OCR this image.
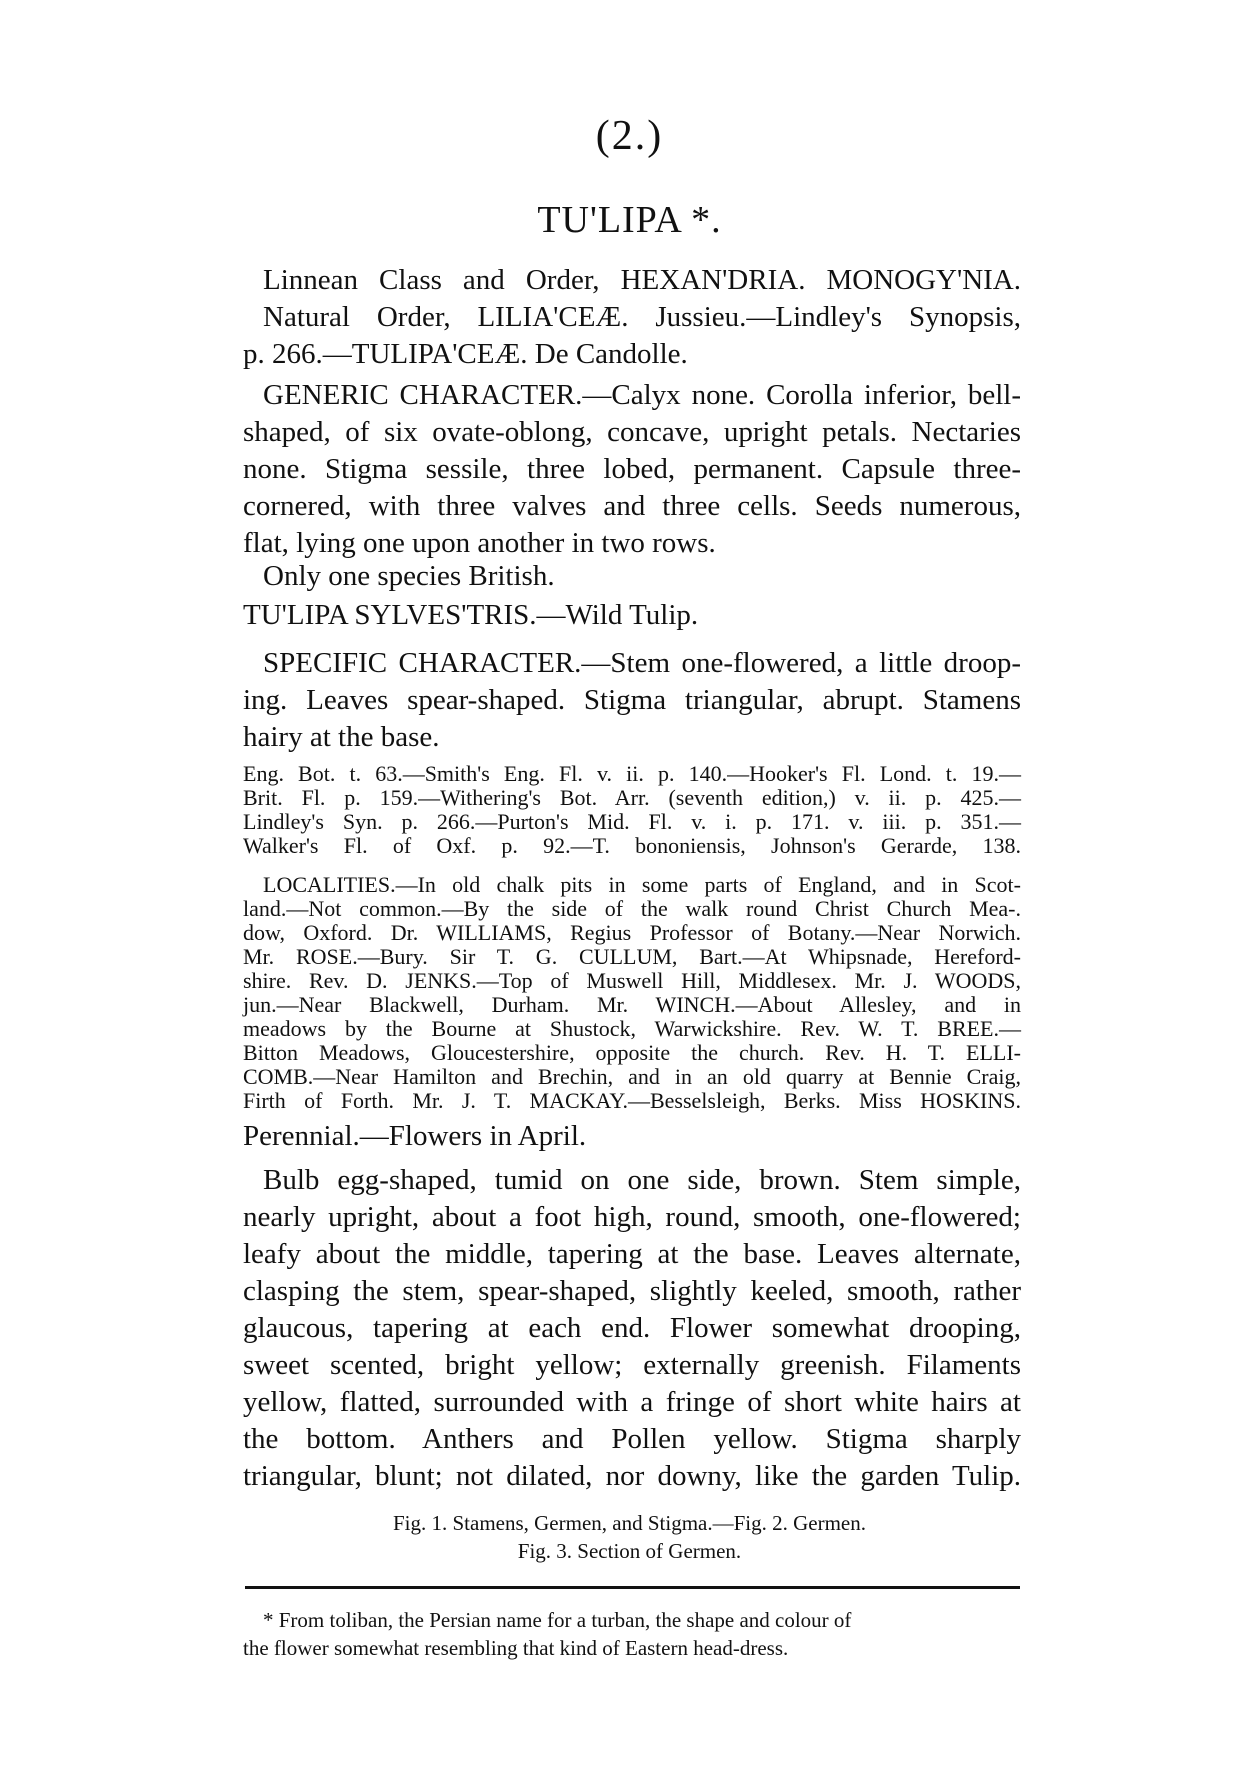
(2.)
TU'LIPA *.
Linnean Class and Order, HEXAN'DRIA. MONOGY'NIA.
Natural Order, LILIA'CEÆ. Jussieu.—Lindley's Synopsis,
p. 266.—TULIPA'CEÆ. De Candolle.
GENERIC CHARACTER.—Calyx none. Corolla inferior, bell-
shaped, of six ovate-oblong, concave, upright petals. Nectaries
none. Stigma sessile, three lobed, permanent. Capsule three-
cornered, with three valves and three cells. Seeds numerous,
flat, lying one upon another in two rows.
Only one species British.
TU'LIPA SYLVES'TRIS.—Wild Tulip.
SPECIFIC CHARACTER.—Stem one-flowered, a little droop-
ing. Leaves spear-shaped. Stigma triangular, abrupt. Stamens
hairy at the base.
Eng. Bot. t. 63.—Smith's Eng. Fl. v. ii. p. 140.—Hooker's Fl. Lond. t. 19.—
Brit. Fl. p. 159.—Withering's Bot. Arr. (seventh edition,) v. ii. p. 425.—
Lindley's Syn. p. 266.—Purton's Mid. Fl. v. i. p. 171. v. iii. p. 351.—
Walker's Fl. of Oxf. p. 92.—T. bononiensis, Johnson's Gerarde, 138.
LOCALITIES.—In old chalk pits in some parts of England, and in Scot-
land.—Not common.—By the side of the walk round Christ Church Mea-.
dow, Oxford. Dr. WILLIAMS, Regius Professor of Botany.—Near Norwich.
Mr. ROSE.—Bury. Sir T. G. CULLUM, Bart.—At Whipsnade, Hereford-
shire. Rev. D. JENKS.—Top of Muswell Hill, Middlesex. Mr. J. WOODS,
jun.—Near Blackwell, Durham. Mr. WINCH.—About Allesley, and in
meadows by the Bourne at Shustock, Warwickshire. Rev. W. T. BREE.—
Bitton Meadows, Gloucestershire, opposite the church. Rev. H. T. ELLI-
COMB.—Near Hamilton and Brechin, and in an old quarry at Bennie Craig,
Firth of Forth. Mr. J. T. MACKAY.—Besselsleigh, Berks. Miss HOSKINS.
Perennial.—Flowers in April.
Bulb egg-shaped, tumid on one side, brown. Stem simple,
nearly upright, about a foot high, round, smooth, one-flowered;
leafy about the middle, tapering at the base. Leaves alternate,
clasping the stem, spear-shaped, slightly keeled, smooth, rather
glaucous, tapering at each end. Flower somewhat drooping,
sweet scented, bright yellow; externally greenish. Filaments
yellow, flatted, surrounded with a fringe of short white hairs at
the bottom. Anthers and Pollen yellow. Stigma sharply
triangular, blunt; not dilated, nor downy, like the garden Tulip.
Fig. 1. Stamens, Germen, and Stigma.—Fig. 2. Germen.
Fig. 3. Section of Germen.
* From toliban, the Persian name for a turban, the shape and colour of
the flower somewhat resembling that kind of Eastern head-dress.
